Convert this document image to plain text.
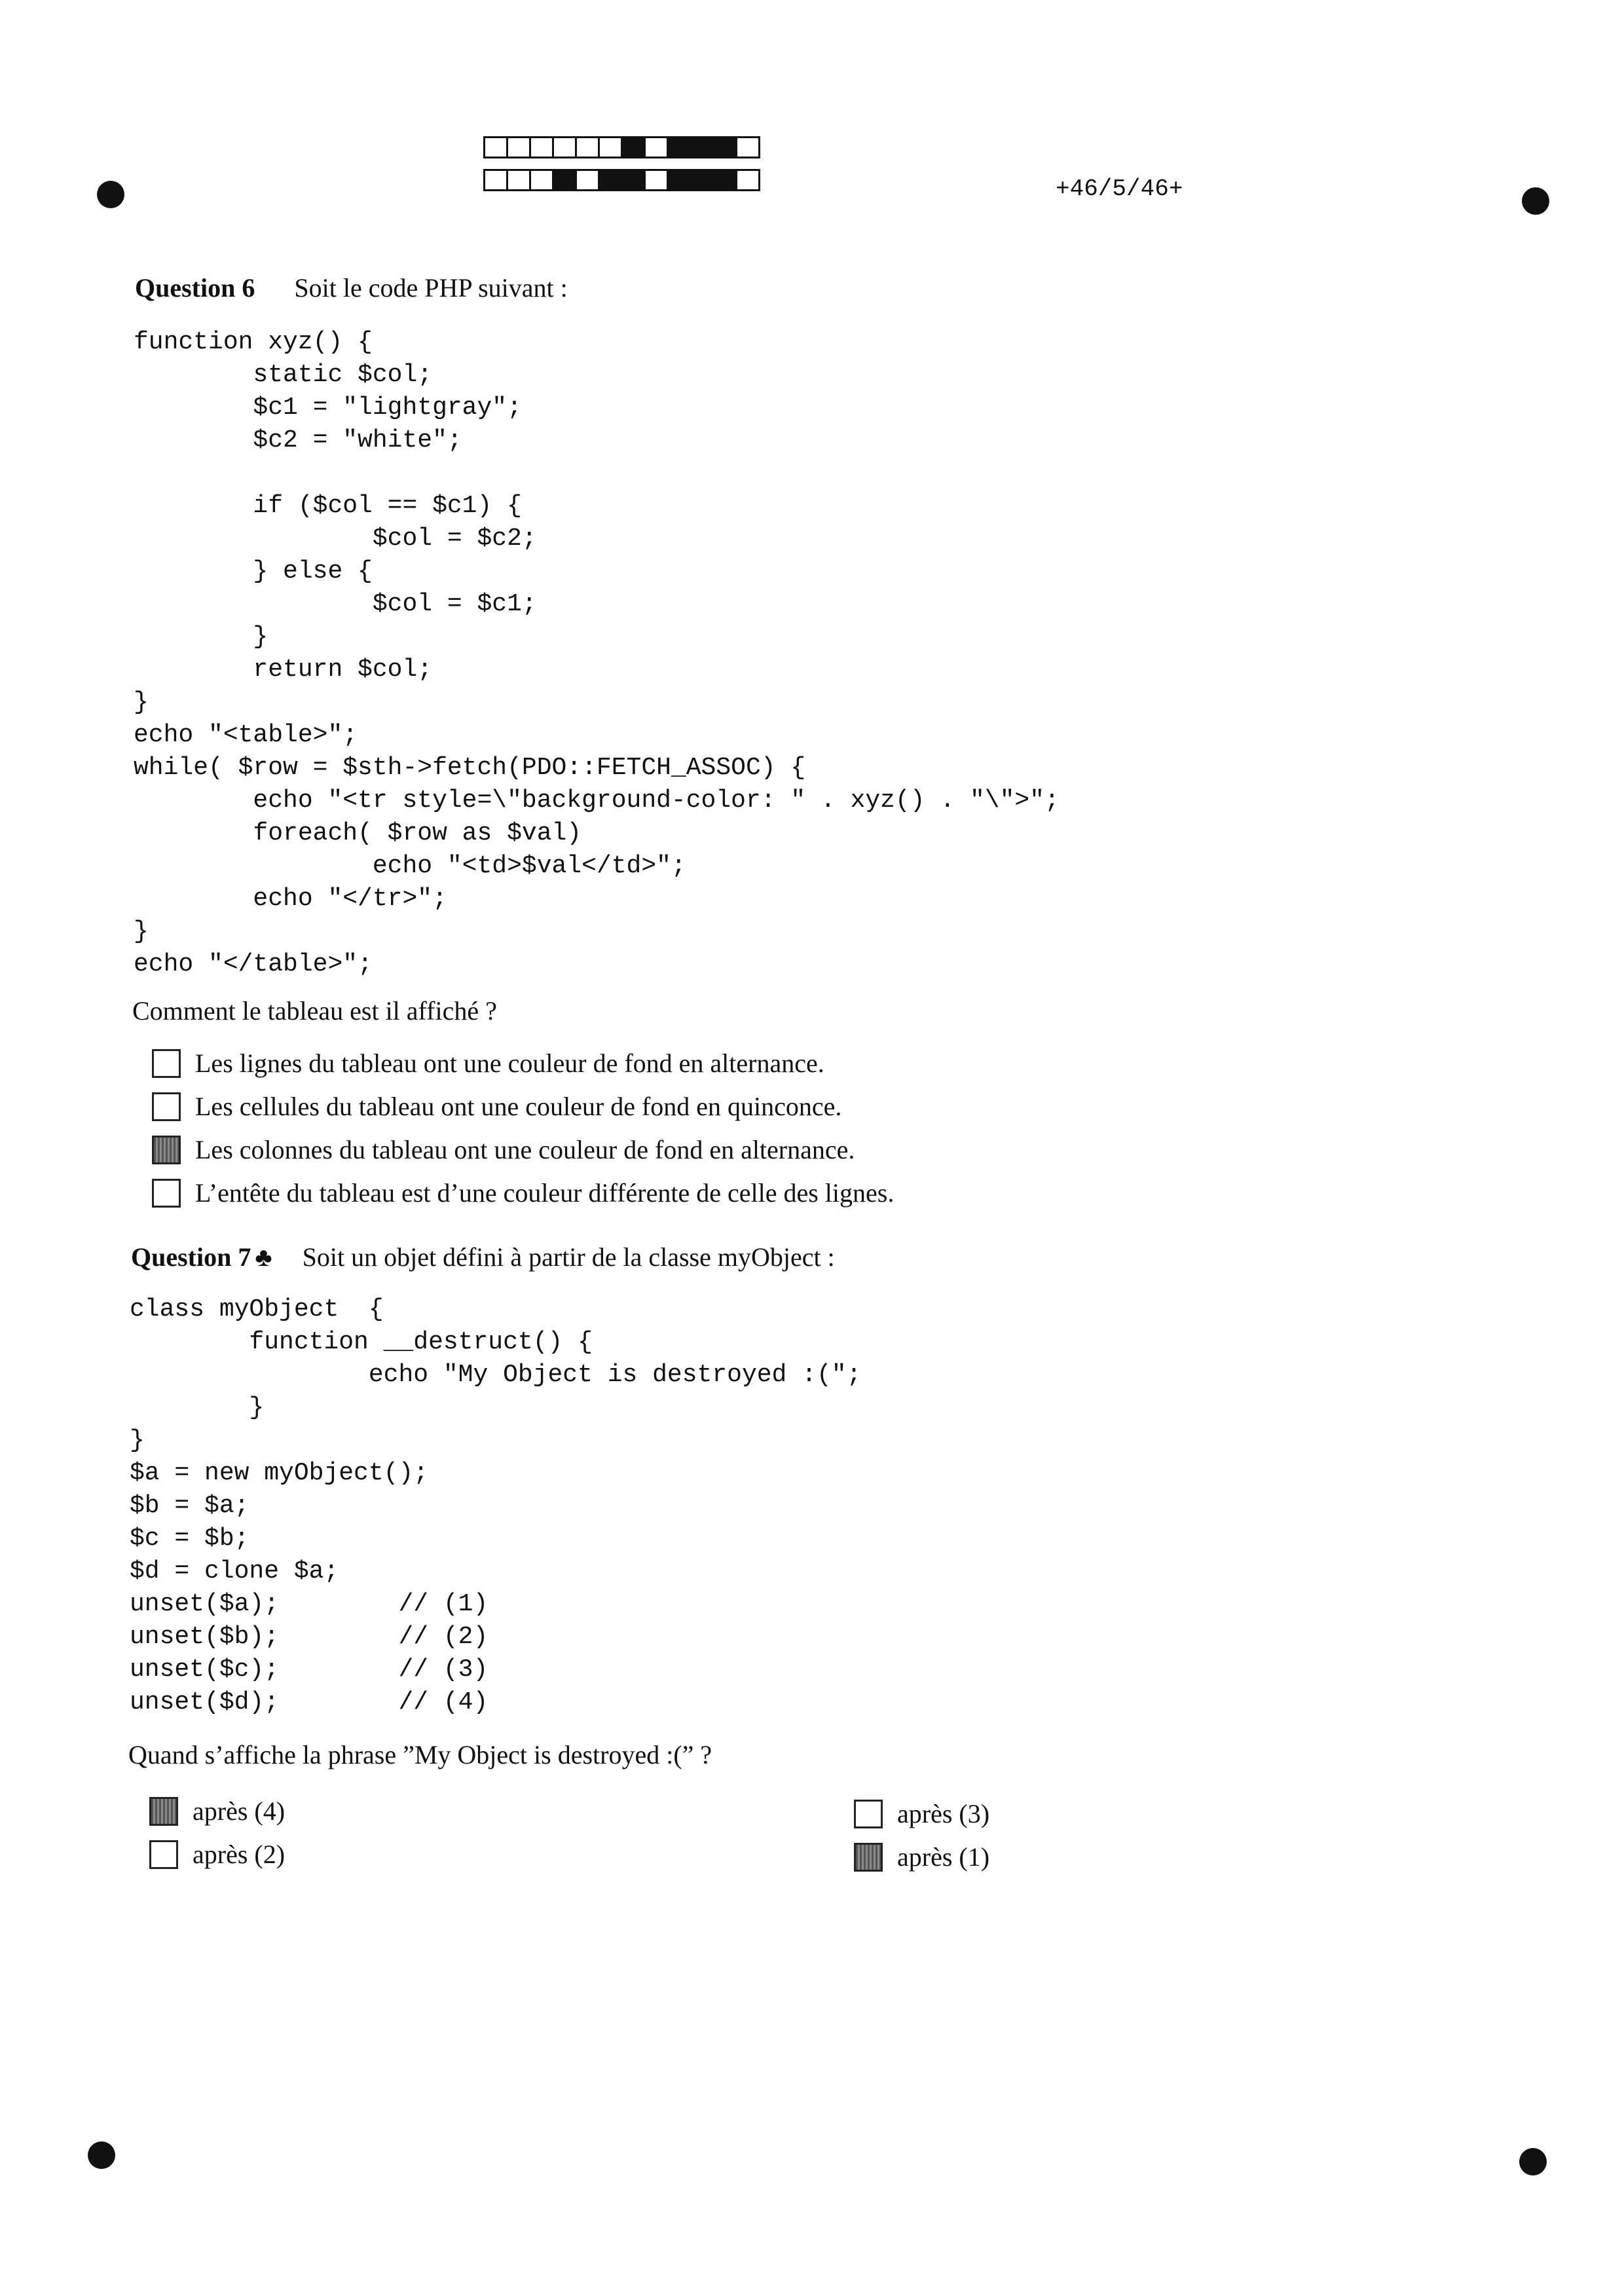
+46/5/46+
Question 6 Soit le code PHP suivant :
function xyz() {
static $col;
$c1 = "lightgray";
$c2 = "white";

if ($col == $c1) {
$col = $c2;
} else {
$col = $c1;
}
return $col;
}
echo "<table>";
while( $row = $sth->fetch(PDO::FETCH_ASSOC) {
echo "<tr style=\"background-color: " . xyz() . "\">";
foreach( $row as $val)
echo "<td>$val</td>";
echo "</tr>";
}
echo "</table>";

Comment le tableau est il affiché ?
Les lignes du tableau ont une couleur de fond en alternance.
Les cellules du tableau ont une couleur de fond en quinconce.
Les colonnes du tableau ont une couleur de fond en alternance.
L’entête du tableau est d’une couleur différente de celle des lignes.
Question 7 ♣ Soit un objet défini à partir de la classe myObject :
class myObject  {
function __destruct() {
echo "My Object is destroyed :(";
}
}
$a = new myObject();
$b = $a;
$c = $b;
$d = clone $a;
unset($a);        // (1)
unset($b);        // (2)
unset($c);        // (3)
unset($d);        // (4)

Quand s’affiche la phrase ”My Object is destroyed :(” ?
après (4)	après (3)
après (2)	après (1)
